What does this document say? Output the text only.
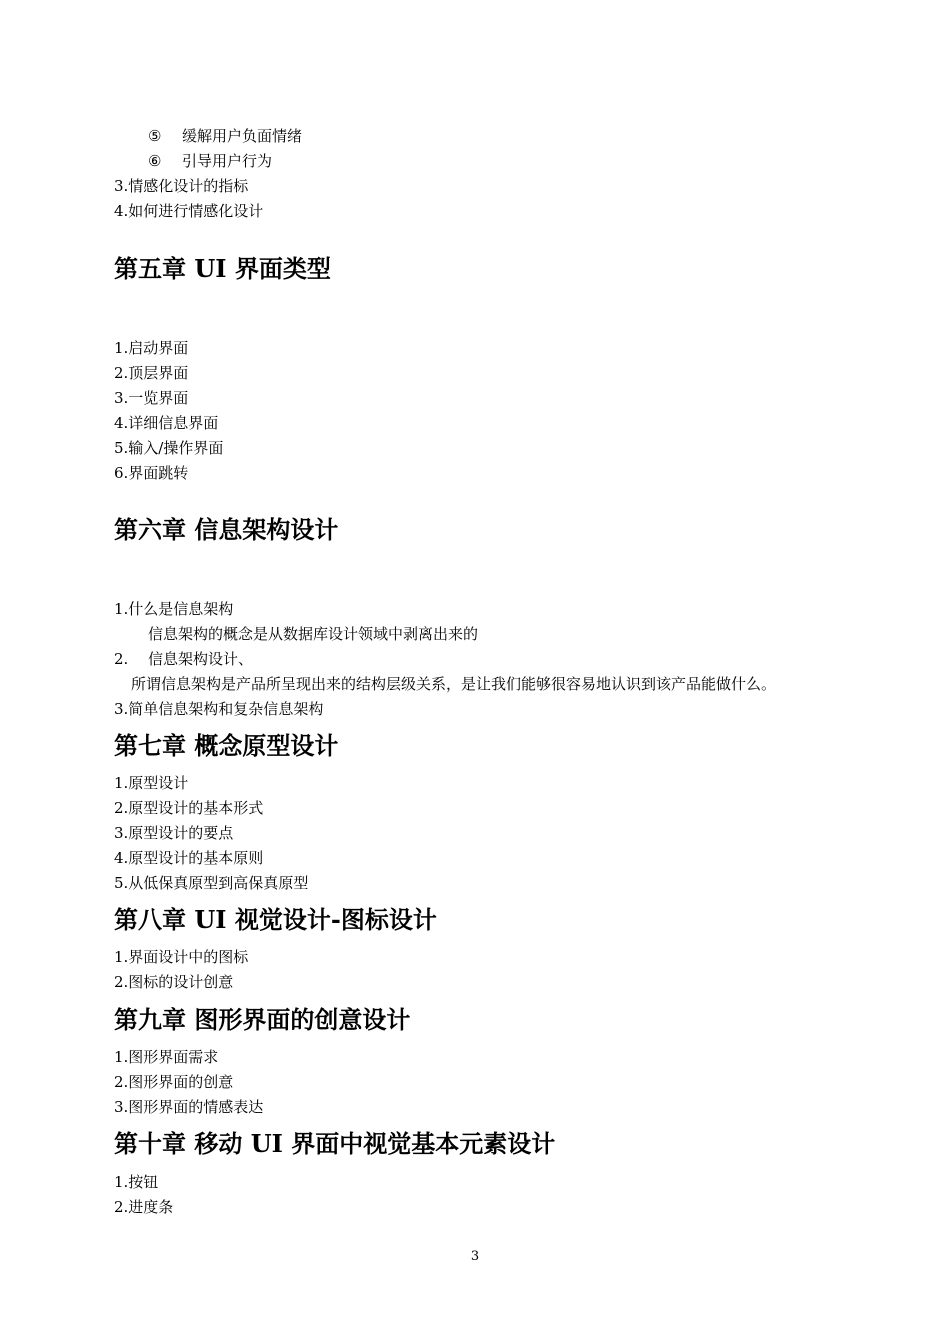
⑤ 缓解用户负面情绪
⑥ 引导用户行为
3.情感化设计的指标
4.如何进行情感化设计
第五章 UI 界面类型
1.启动界面
2.顶层界面
3.一览界面
4.详细信息界面
5.输入/操作界面
6.界面跳转
第六章 信息架构设计
1.什么是信息架构
信息架构的概念是从数据库设计领域中剥离出来的
2. 信息架构设计、
所谓信息架构是产品所呈现出来的结构层级关系，是让我们能够很容易地认识到该产品能做什么。
3.简单信息架构和复杂信息架构
第七章 概念原型设计
1.原型设计
2.原型设计的基本形式
3.原型设计的要点
4.原型设计的基本原则
5.从低保真原型到高保真原型
第八章 UI 视觉设计-图标设计
1.界面设计中的图标
2.图标的设计创意
第九章 图形界面的创意设计
1.图形界面需求
2.图形界面的创意
3.图形界面的情感表达
第十章 移动 UI 界面中视觉基本元素设计
1.按钮
2.进度条
3
